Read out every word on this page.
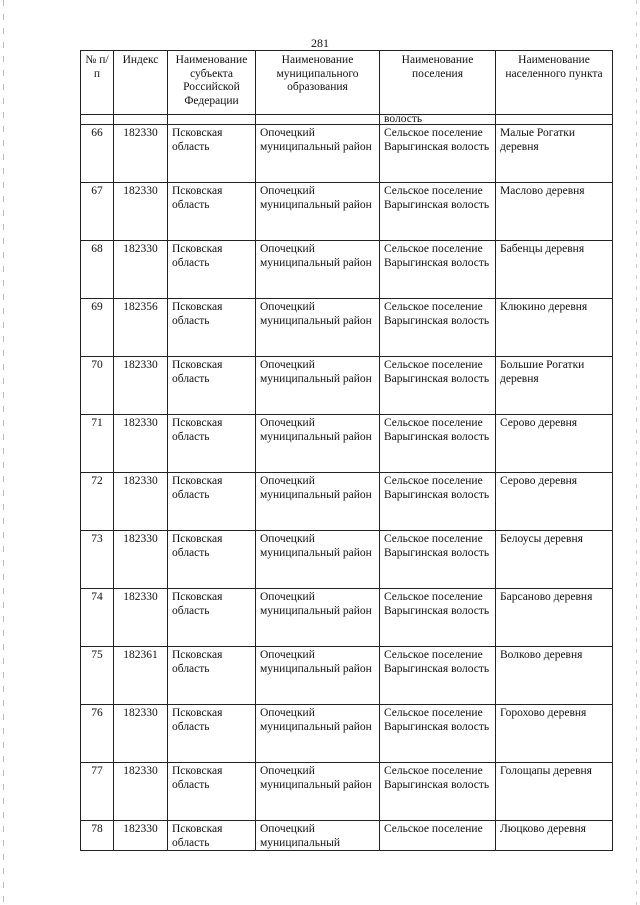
281
№ п/п	Индекс	Наименование субъекта Российской Федерации	Наименование муниципального образования	Наименование поселения	Наименование населенного пункта
				волость	
66	182330	Псковская область	Опочецкий муниципальный район	Сельское поселение Варыгинская волость	Малые Рогатки деревня
67	182330	Псковская область	Опочецкий муниципальный район	Сельское поселение Варыгинская волость	Маслово деревня
68	182330	Псковская область	Опочецкий муниципальный район	Сельское поселение Варыгинская волость	Бабенцы деревня
69	182356	Псковская область	Опочецкий муниципальный район	Сельское поселение Варыгинская волость	Клюкино деревня
70	182330	Псковская область	Опочецкий муниципальный район	Сельское поселение Варыгинская волость	Большие Рогатки деревня
71	182330	Псковская область	Опочецкий муниципальный район	Сельское поселение Варыгинская волость	Серово деревня
72	182330	Псковская область	Опочецкий муниципальный район	Сельское поселение Варыгинская волость	Серово деревня
73	182330	Псковская область	Опочецкий муниципальный район	Сельское поселение Варыгинская волость	Белоусы деревня
74	182330	Псковская область	Опочецкий муниципальный район	Сельское поселение Варыгинская волость	Барсаново деревня
75	182361	Псковская область	Опочецкий муниципальный район	Сельское поселение Варыгинская волость	Волково деревня
76	182330	Псковская область	Опочецкий муниципальный район	Сельское поселение Варыгинская волость	Горохово деревня
77	182330	Псковская область	Опочецкий муниципальный район	Сельское поселение Варыгинская волость	Голощапы деревня
78	182330	Псковская область	Опочецкий муниципальный	Сельское поселение	Люцково деревня
